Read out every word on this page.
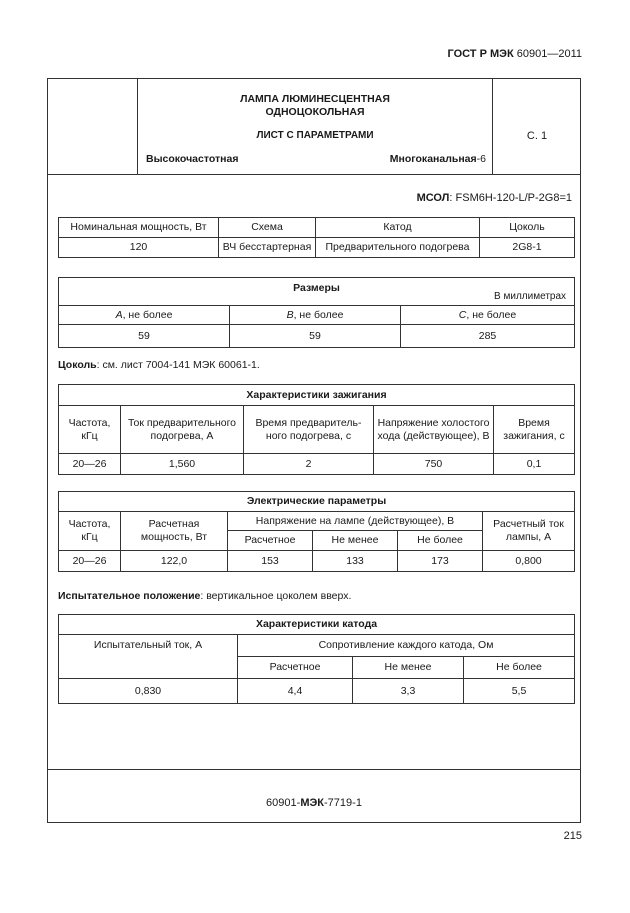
ГОСТ Р МЭК 60901—2011
ЛАМПА ЛЮМИНЕСЦЕНТНАЯ
ОДНОЦОКОЛЬНАЯ
ЛИСТ С ПАРАМЕТРАМИ
Высокочастотная	Многоканальная-6
С. 1
60901-МЭК-7719-1
МСОЛ: FSM6H-120-L/P-2G8=1
Номинальная мощность, Вт	Схема	Катод	Цоколь
120	ВЧ бесстартерная	Предварительного подогрева	2G8-1
Размеры
В миллиметрах		

A, не более	B, не более	C, не более
59	59	285
Цоколь: см. лист 7004-141 МЭК 60061-1.
Характеристики зажигания				
Частота, кГц	Ток предварительного подогрева, А	Время предваритель-ного подогрева, с	Напряжение холостого хода (действующее), В	Время зажигания, с
20—26	1,560	2	750	0,1
Электрические параметры					
Частота, кГц	Расчетная мощность, Вт	Напряжение на лампе (действующее), В			Расчетный ток лампы, А
		Расчетное	Не менее	Не более	
20—26	122,0	153	133	173	0,800
Испытательное положение: вертикальное цоколем вверх.
Характеристики катода			
Испытательный ток, А	Сопротивление каждого катода, Ом		
	Расчетное	Не менее	Не более
0,830	4,4	3,3	5,5
215
